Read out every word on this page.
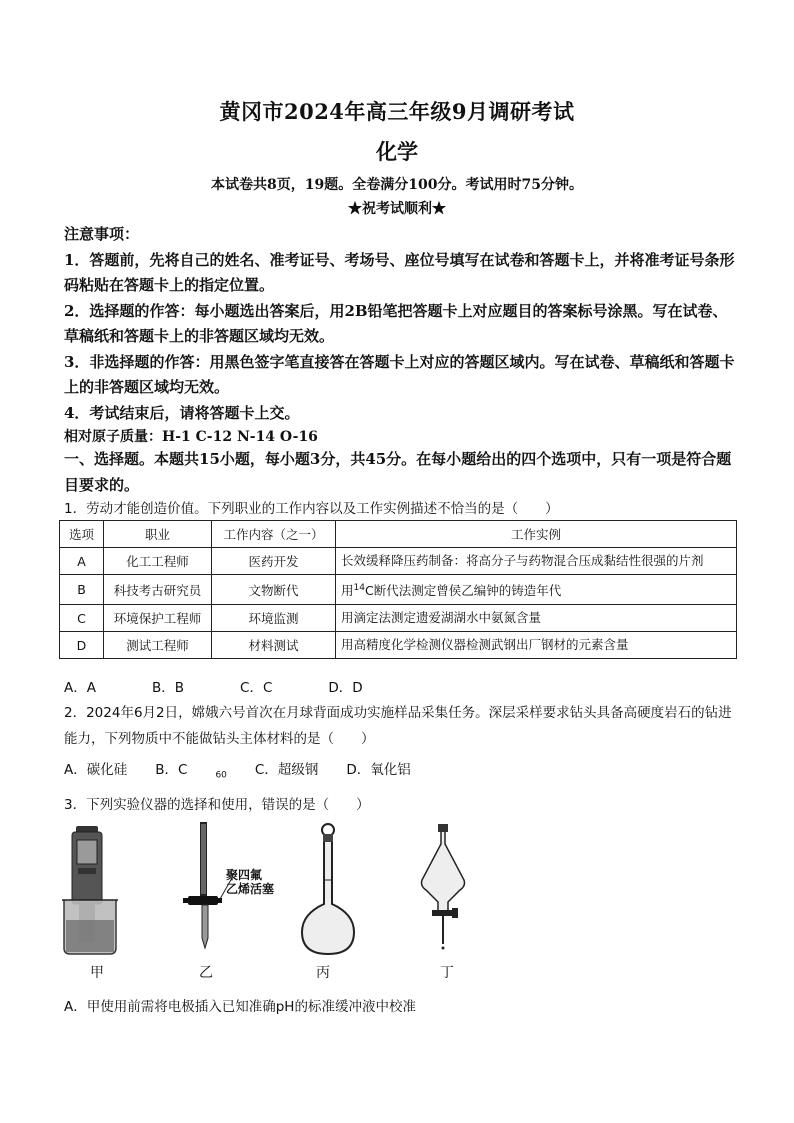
黄冈市2024年高三年级9月调研考试
化学
本试卷共8页，19题。全卷满分100分。考试用时75分钟。
★祝考试顺利★
注意事项：
1．答题前，先将自己的姓名、准考证号、考场号、座位号填写在试卷和答题卡上，并将准考证号条形码粘贴在答题卡上的指定位置。
2．选择题的作答：每小题选出答案后，用2B铅笔把答题卡上对应题目的答案标号涂黑。写在试卷、草稿纸和答题卡上的非答题区域均无效。
3．非选择题的作答：用黑色签字笔直接答在答题卡上对应的答题区域内。写在试卷、草稿纸和答题卡上的非答题区域均无效。
4．考试结束后，请将答题卡上交。
相对原子质量：H-1 C-12 N-14 O-16
一、选择题。本题共15小题，每小题3分，共45分。在每小题给出的四个选项中，只有一项是符合题目要求的。
1．劳动才能创造价值。下列职业的工作内容以及工作实例描述不恰当的是（　　）
选项	职业	工作内容（之一）	工作实例
A	化工工程师	医药开发	长效缓释降压药制备：将高分子与药物混合压成黏结性很强的片剂
B	科技考古研究员	文物断代	用$^{14}$C断代法测定曾侯乙编钟的铸造年代
C	环境保护工程师	环境监测	用滴定法测定遗爱湖湖水中氨氮含量
D	测试工程师	材料测试	用高精度化学检测仪器检测武钢出厂钢材的元素含量
A．A	B．B	C．C	D．D
2．2024年6月2日，嫦娥六号首次在月球背面成功实施样品采集任务。深层采样要求钻头具备高硬度岩石的钻进能力，下列物质中不能做钻头主体材料的是（　　）
A．碳化硅 B．C	$_{60}$ C．超级钢 D．氧化铝
3．下列实验仪器的选择和使用，错误的是（　　）
聚四氟
乙烯活塞
甲	乙	丙	丁
A．甲使用前需将电极插入已知准确pH的标准缓冲液中校准
